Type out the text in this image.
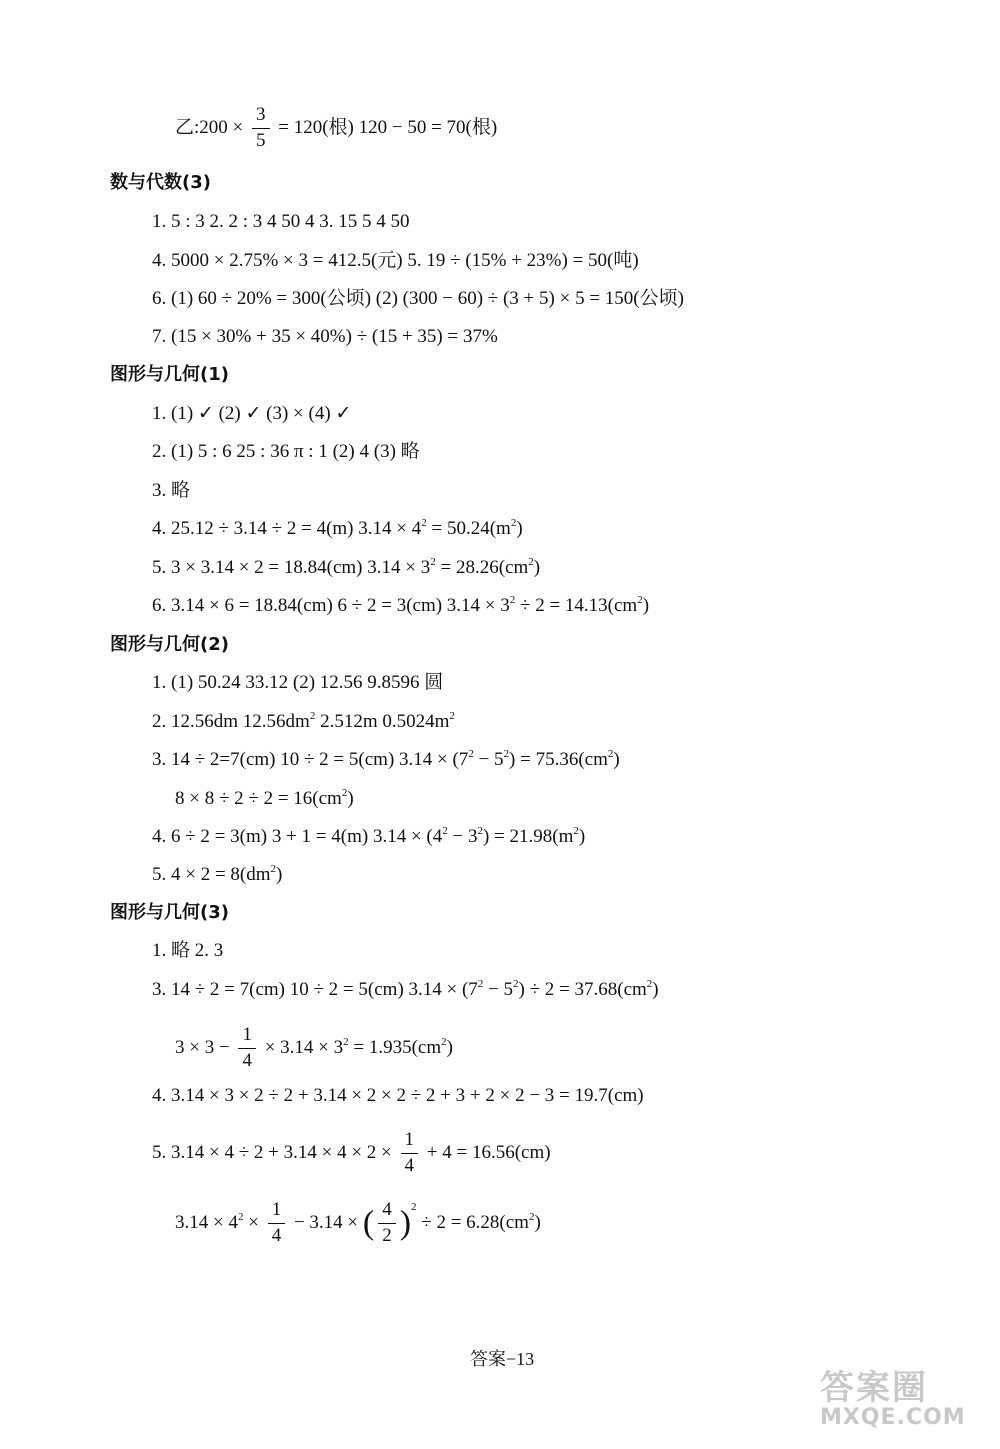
乙:200 × $\frac{3}{5} = 120$(根) 120 − 50 = 70(根)
数与代数(3)
1. 5 : 3 2. 2 : 3 4 50 4 3. 15 5 4 50
4. 5000 × 2.75% × 3 = 412.5(元) 5. 19 ÷ (15% + 23%) = 50(吨)
6. (1) 60 ÷ 20% = 300(公顷) (2) (300 − 60) ÷ (3 + 5) × 5 = 150(公顷)
7. (15 × 30% + 35 × 40%) ÷ (15 + 35) = 37%
图形与几何(1)
1. (1) ✓ (2) ✓ (3) × (4) ✓
2. (1) 5 : 6 25 : 36 π : 1 (2) 4 (3) 略
3. 略
4. 25.12 ÷ 3.14 ÷ 2 = 4(m) $3.14 \times 4^2 = 50.24(m^2)$
5. 3 × 3.14 × 2 = 18.84(cm) $3.14 \times 3^2 = 28.26(cm^2)$
6. 3.14 × 6 = 18.84(cm) 6 ÷ 2 = 3(cm) $3.14 \times 3^2 \div 2 = 14.13(cm^2)$
图形与几何(2)
1. (1) 50.24 33.12 (2) 12.56 9.8596 圆
2. 12.56dm $12.56dm^2$ 2.512m $0.5024m^2$
3. 14 ÷ 2=7(cm) 10 ÷ 2 = 5(cm) $3.14 \times (7^2 - 5^2) = 75.36(cm^2)$
$8 \times 8 \div 2 \div 2 = 16(cm^2)$
4. 6 ÷ 2 = 3(m) 3 + 1 = 4(m) $3.14 \times (4^2 - 3^2) = 21.98(m^2)$
5. $4 \times 2 = 8(dm^2)$
图形与几何(3)
1. 略 2. 3
3. 14 ÷ 2 = 7(cm) 10 ÷ 2 = 5(cm) $3.14 \times (7^2 - 5^2) \div 2 = 37.68(cm^2)$
$3 \times 3 - \frac{1}{4} \times 3.14 \times 3^2 = 1.935(cm^2)$
4. 3.14 × 3 × 2 ÷ 2 + 3.14 × 2 × 2 ÷ 2 + 3 + 2 × 2 − 3 = 19.7(cm)
5. $3.14 \times 4 \div 2 + 3.14 \times 4 \times 2 \times \frac{1}{4} + 4 = 16.56(cm)$
$3.14 \times 4^2 \times \frac{1}{4} - 3.14$ × ( $\frac{4}{2} )^2 \div 2 = 6.28(cm^2)$
答案−13
答案圈
MXQE.COM
